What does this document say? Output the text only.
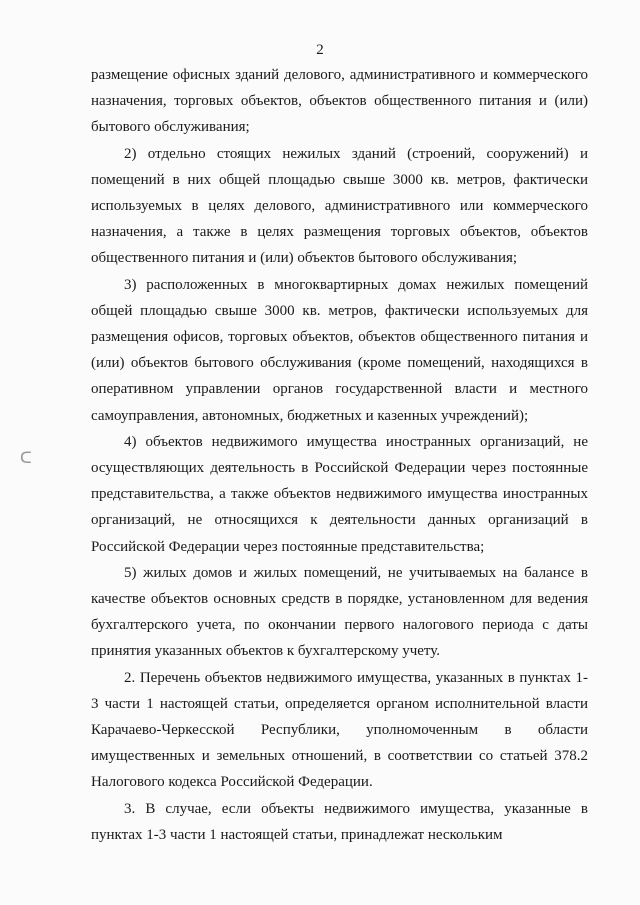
2
ᑕ

размещение офисных зданий делового, административного и коммерческого назначения, торговых объектов, объектов общественного питания и (или) бытового обслуживания;

2) отдельно стоящих нежилых зданий (строений, сооружений) и помещений в них общей площадью свыше 3000 кв. метров, фактически используемых в целях делового, административного или коммерческого назначения, а также в целях размещения торговых объектов, объектов общественного питания и (или) объектов бытового обслуживания;

3) расположенных в многоквартирных домах нежилых помещений общей площадью свыше 3000 кв. метров, фактически используемых для размещения офисов, торговых объектов, объектов общественного питания и (или) объектов бытового обслуживания (кроме помещений, находящихся в оперативном управлении органов государственной власти и местного самоуправления, автономных, бюджетных и казенных учреждений);

4) объектов недвижимого имущества иностранных организаций, не осуществляющих деятельность в Российской Федерации через постоянные представительства, а также объектов недвижимого имущества иностранных организаций, не относящихся к деятельности данных организаций в Российской Федерации через постоянные представительства;

5) жилых домов и жилых помещений, не учитываемых на балансе в качестве объектов основных средств в порядке, установленном для ведения бухгалтерского учета, по окончании первого налогового периода с даты принятия указанных объектов к бухгалтерскому учету.

2. Перечень объектов недвижимого имущества, указанных в пунктах 1-3 части 1 настоящей статьи, определяется органом исполнительной власти Карачаево-Черкесской Республики, уполномоченным в области имущественных и земельных отношений, в соответствии со статьей 378.2 Налогового кодекса Российской Федерации.

3. В случае, если объекты недвижимого имущества, указанные в пунктах 1-3 части 1 настоящей статьи, принадлежат нескольким
